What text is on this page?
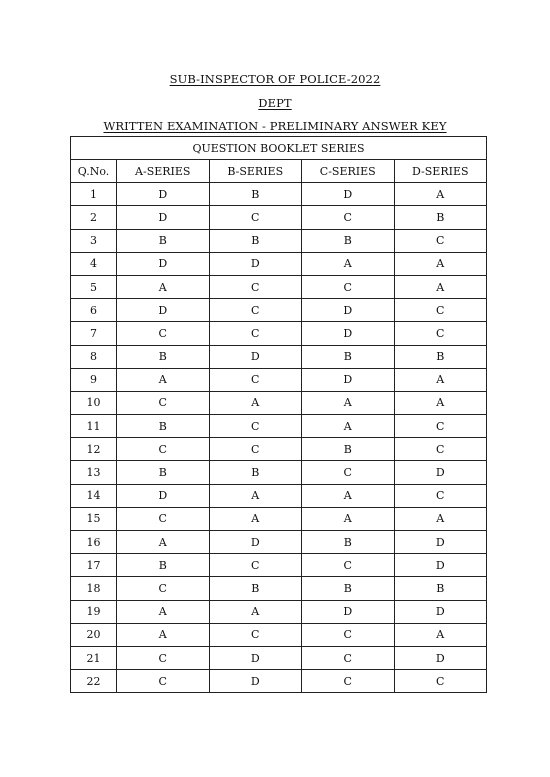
SUB-INSPECTOR OF POLICE-2022
DEPT
WRITTEN EXAMINATION - PRELIMINARY ANSWER KEY
QUESTION BOOKLET SERIES				
Q.No.	A-SERIES	B-SERIES	C-SERIES	D-SERIES
1	D	B	D	A
2	D	C	C	B
3	B	B	B	C
4	D	D	A	A
5	A	C	C	A
6	D	C	D	C
7	C	C	D	C
8	B	D	B	B
9	A	C	D	A
10	C	A	A	A
11	B	C	A	C
12	C	C	B	C
13	B	B	C	D
14	D	A	A	C
15	C	A	A	A
16	A	D	B	D
17	B	C	C	D
18	C	B	B	B
19	A	A	D	D
20	A	C	C	A
21	C	D	C	D
22	C	D	C	C
